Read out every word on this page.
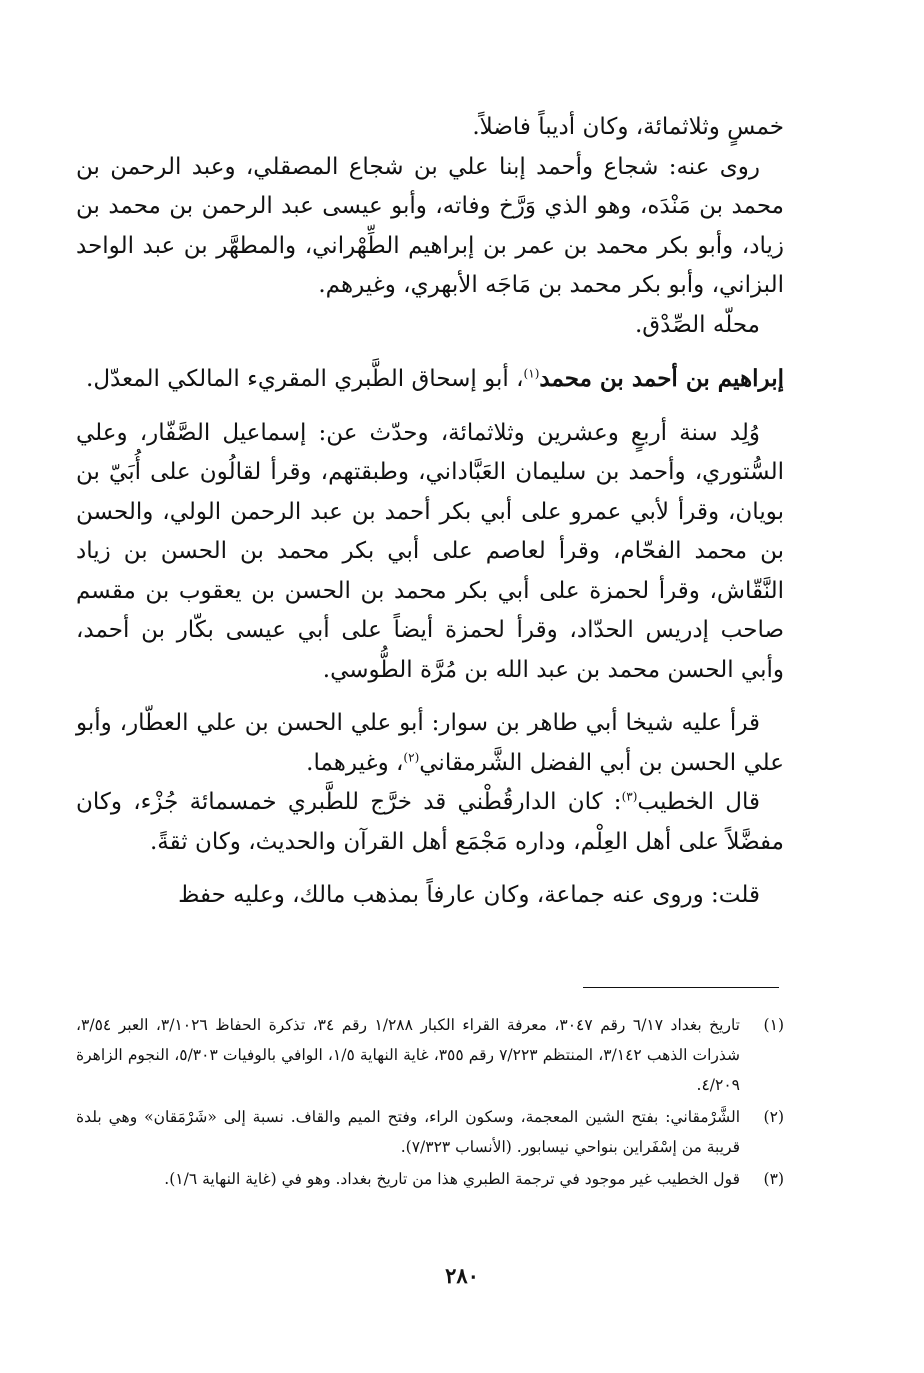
خمسٍ وثلاثمائة، وكان أديباً فاضلاً.

روى عنه: شجاع وأحمد إبنا علي بن شجاع المصقلي، وعبد الرحمن بن محمد بن مَنْدَه، وهو الذي وَرَّخ وفاته، وأبو عيسى عبد الرحمن بن محمد بن زياد، وأبو بكر محمد بن عمر بن إبراهيم الطِّهْراني، والمطهَّر بن عبد الواحد البزاني، وأبو بكر محمد بن مَاجَه الأبهري، وغيرهم.

محلّه الصِّدْق.

إبراهيم بن أحمد بن محمد$^{(١)}$، أبو إسحاق الطَّبري المقريء المالكي المعدّل.

وُلِد سنة أربعٍ وعشرين وثلاثمائة، وحدّث عن: إسماعيل الصَّفّار، وعلي السُّتوري، وأحمد بن سليمان العَبَّاداني، وطبقتهم، وقرأ لقالُون على أُبَيّ بن بويان، وقرأ لأبي عمرو على أبي بكر أحمد بن عبد الرحمن الولي، والحسن بن محمد الفحّام، وقرأ لعاصم على أبي بكر محمد بن الحسن بن زياد النَّقّاش، وقرأ لحمزة على أبي بكر محمد بن الحسن بن يعقوب بن مقسم صاحب إدريس الحدّاد، وقرأ لحمزة أيضاً على أبي عيسى بكّار بن أحمد، وأبي الحسن محمد بن عبد الله بن مُرَّة الطُّوسي.

قرأ عليه شيخا أبي طاهر بن سوار: أبو علي الحسن بن علي العطّار، وأبو علي الحسن بن أبي الفضل الشَّرمقاني$^{(٢)}$، وغيرهما.

قال الخطيب$^{(٣)}$: كان الدارقُطْني قد خرَّج للطَّبري خمسمائة جُزْء، وكان مفضَّلاً على أهل العِلْم، وداره مَجْمَع أهل القرآن والحديث، وكان ثقةً.

قلت: وروى عنه جماعة، وكان عارفاً بمذهب مالك، وعليه حفظ

(١)
تاريخ بغداد ٦/١٧ رقم ٣٠٤٧، معرفة القراء الكبار ١/٢٨٨ رقم ٣٤، تذكرة الحفاظ ٣/١٠٢٦، العبر ٣/٥٤، شذرات الذهب ٣/١٤٢، المنتظم ٧/٢٢٣ رقم ٣٥٥، غاية النهاية ١/٥، الوافي بالوفيات ٥/٣٠٣، النجوم الزاهرة ٤/٢٠٩.
(٢)
الشَّرْمقاني: بفتح الشين المعجمة، وسكون الراء، وفتح الميم والقاف. نسبة إلى «شَرْمَقان» وهي بلدة قريبة من إسْفَراين بنواحي نيسابور. (الأنساب ٧/٣٢٣).
(٣)
قول الخطيب غير موجود في ترجمة الطبري هذا من تاريخ بغداد. وهو في (غاية النهاية ١/٦).
٢٨٠
